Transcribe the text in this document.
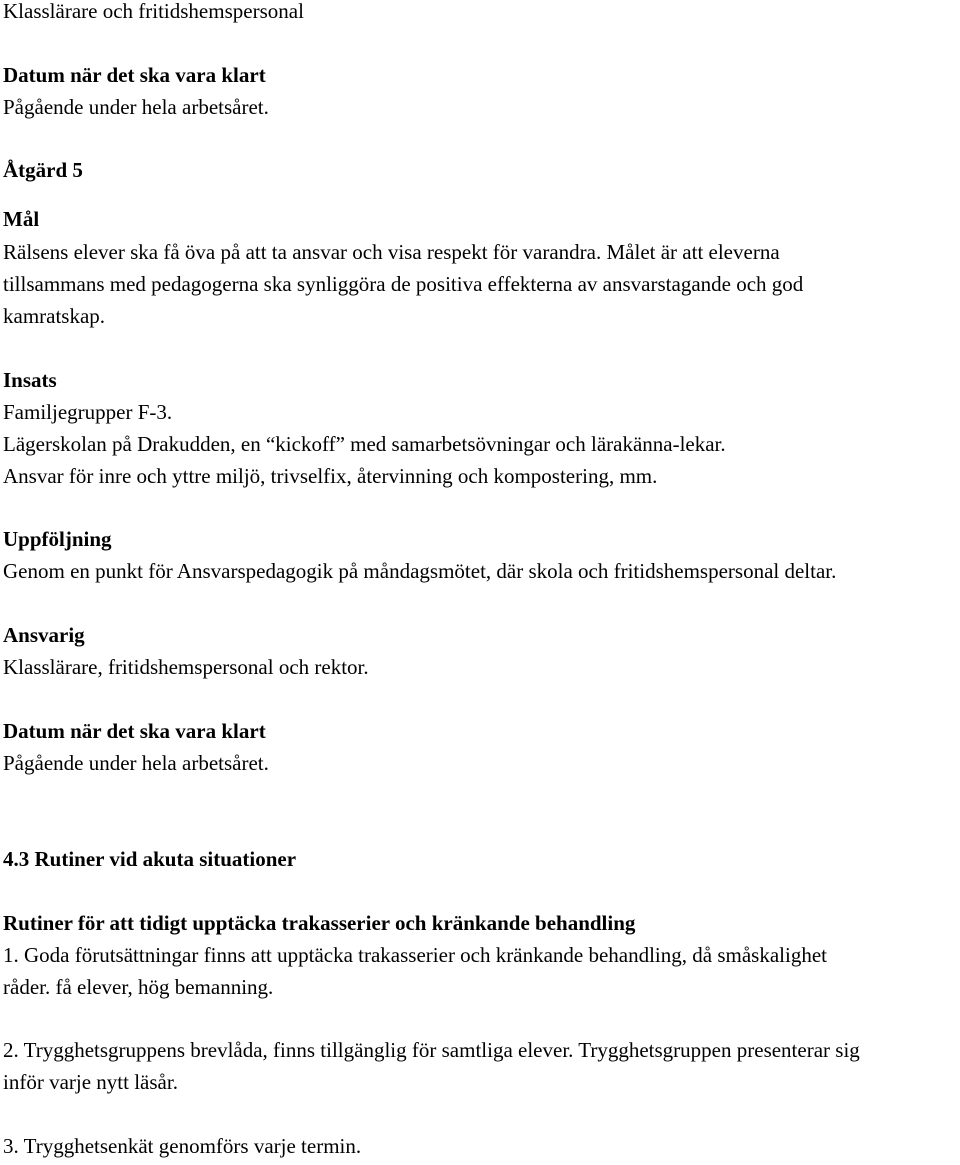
Klasslärare och fritidshemspersonal
Datum när det ska vara klart
Pågående under hela arbetsåret.
Åtgärd 5
Mål
Rälsens elever ska få öva på att ta ansvar och visa respekt för varandra. Målet är att eleverna
tillsammans med pedagogerna ska synliggöra de positiva effekterna av ansvarstagande och god
kamratskap.
Insats
Familjegrupper F-3.
Lägerskolan på Drakudden, en “kickoff” med samarbetsövningar och lärakänna-lekar.
Ansvar för inre och yttre miljö, trivselfix, återvinning och kompostering, mm.
Uppföljning
Genom en punkt för Ansvarspedagogik på måndagsmötet, där skola och fritidshemspersonal deltar.
Ansvarig
Klasslärare, fritidshemspersonal och rektor.
Datum när det ska vara klart
Pågående under hela arbetsåret.
4.3 Rutiner vid akuta situationer
Rutiner för att tidigt upptäcka trakasserier och kränkande behandling
1. Goda förutsättningar finns att upptäcka trakasserier och kränkande behandling, då småskalighet
råder. få elever, hög bemanning.
2. Trygghetsgruppens brevlåda, finns tillgänglig för samtliga elever. Trygghetsgruppen presenterar sig
inför varje nytt läsår.
3. Trygghetsenkät genomförs varje termin.
